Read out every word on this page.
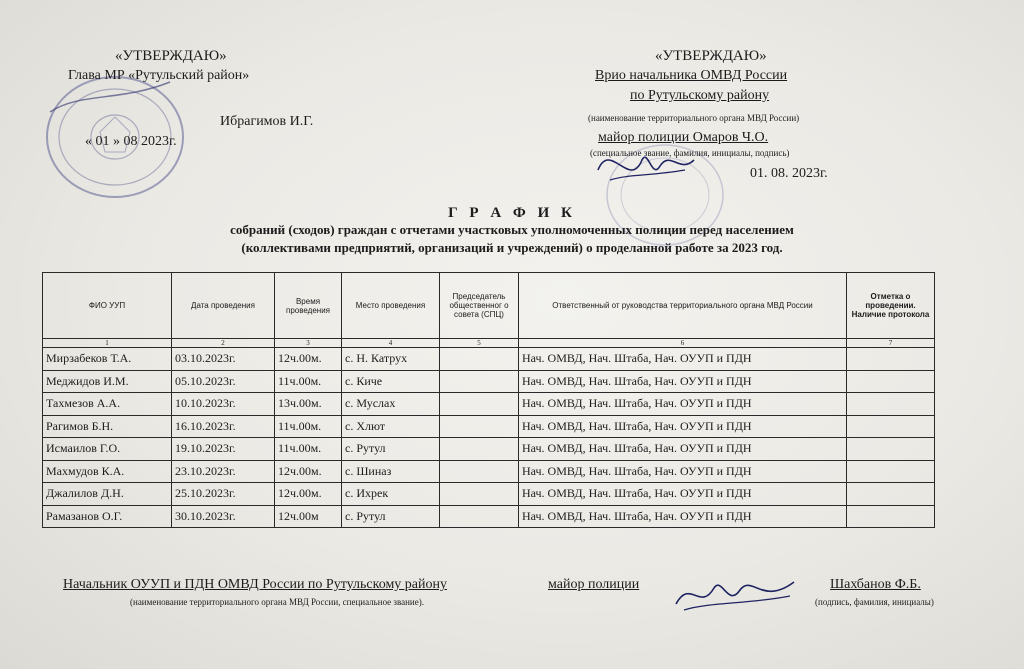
«УТВЕРЖДАЮ»
Глава МР «Рутульский район»
Ибрагимов И.Г.
« 01 » 08 2023г.
«УТВЕРЖДАЮ»
Врио начальника ОМВД России
по Рутульскому району
(наименование территориального органа МВД России)
майор полиции Омаров Ч.О.
(специальное звание, фамилия, инициалы, подпись)
01. 08. 2023г.
Г Р А Ф И К
собраний (сходов) граждан с отчетами участковых уполномоченных полиции перед населением
(коллективами предприятий, организаций и учреждений) о проделанной работе за 2023 год.
ФИО УУП	Дата проведения	Время проведения	Место проведения	Председатель общественног о совета (СПЦ)	Ответственный от руководства территориального органа МВД России	Отметка о проведении. Наличие протокола
1	2	3	4	5	6	7
Мирзабеков Т.А.	03.10.2023г.	12ч.00м.	с. Н. Катрух		Нач. ОМВД, Нач. Штаба, Нач. ОУУП и ПДН	
Меджидов И.М.	05.10.2023г.	11ч.00м.	с. Киче		Нач. ОМВД, Нач. Штаба, Нач. ОУУП и ПДН	
Тахмезов А.А.	10.10.2023г.	13ч.00м.	с. Муслах		Нач. ОМВД, Нач. Штаба, Нач. ОУУП и ПДН	
Рагимов Б.Н.	16.10.2023г.	11ч.00м.	с. Хлют		Нач. ОМВД, Нач. Штаба, Нач. ОУУП и ПДН	
Исмаилов Г.О.	19.10.2023г.	11ч.00м.	с. Рутул		Нач. ОМВД, Нач. Штаба, Нач. ОУУП и ПДН	
Махмудов К.А.	23.10.2023г.	12ч.00м.	с. Шиназ		Нач. ОМВД, Нач. Штаба, Нач. ОУУП и ПДН	
Джалилов Д.Н.	25.10.2023г.	12ч.00м.	с. Ихрек		Нач. ОМВД, Нач. Штаба, Нач. ОУУП и ПДН	
Рамазанов О.Г.	30.10.2023г.	12ч.00м	с. Рутул		Нач. ОМВД, Нач. Штаба, Нач. ОУУП и ПДН	
Начальник ОУУП и ПДН ОМВД России по Рутульскому району	майор полиции	Шахбанов Ф.Б.
(наименование территориального органа МВД России, специальное звание).	(подпись, фамилия, инициалы)
